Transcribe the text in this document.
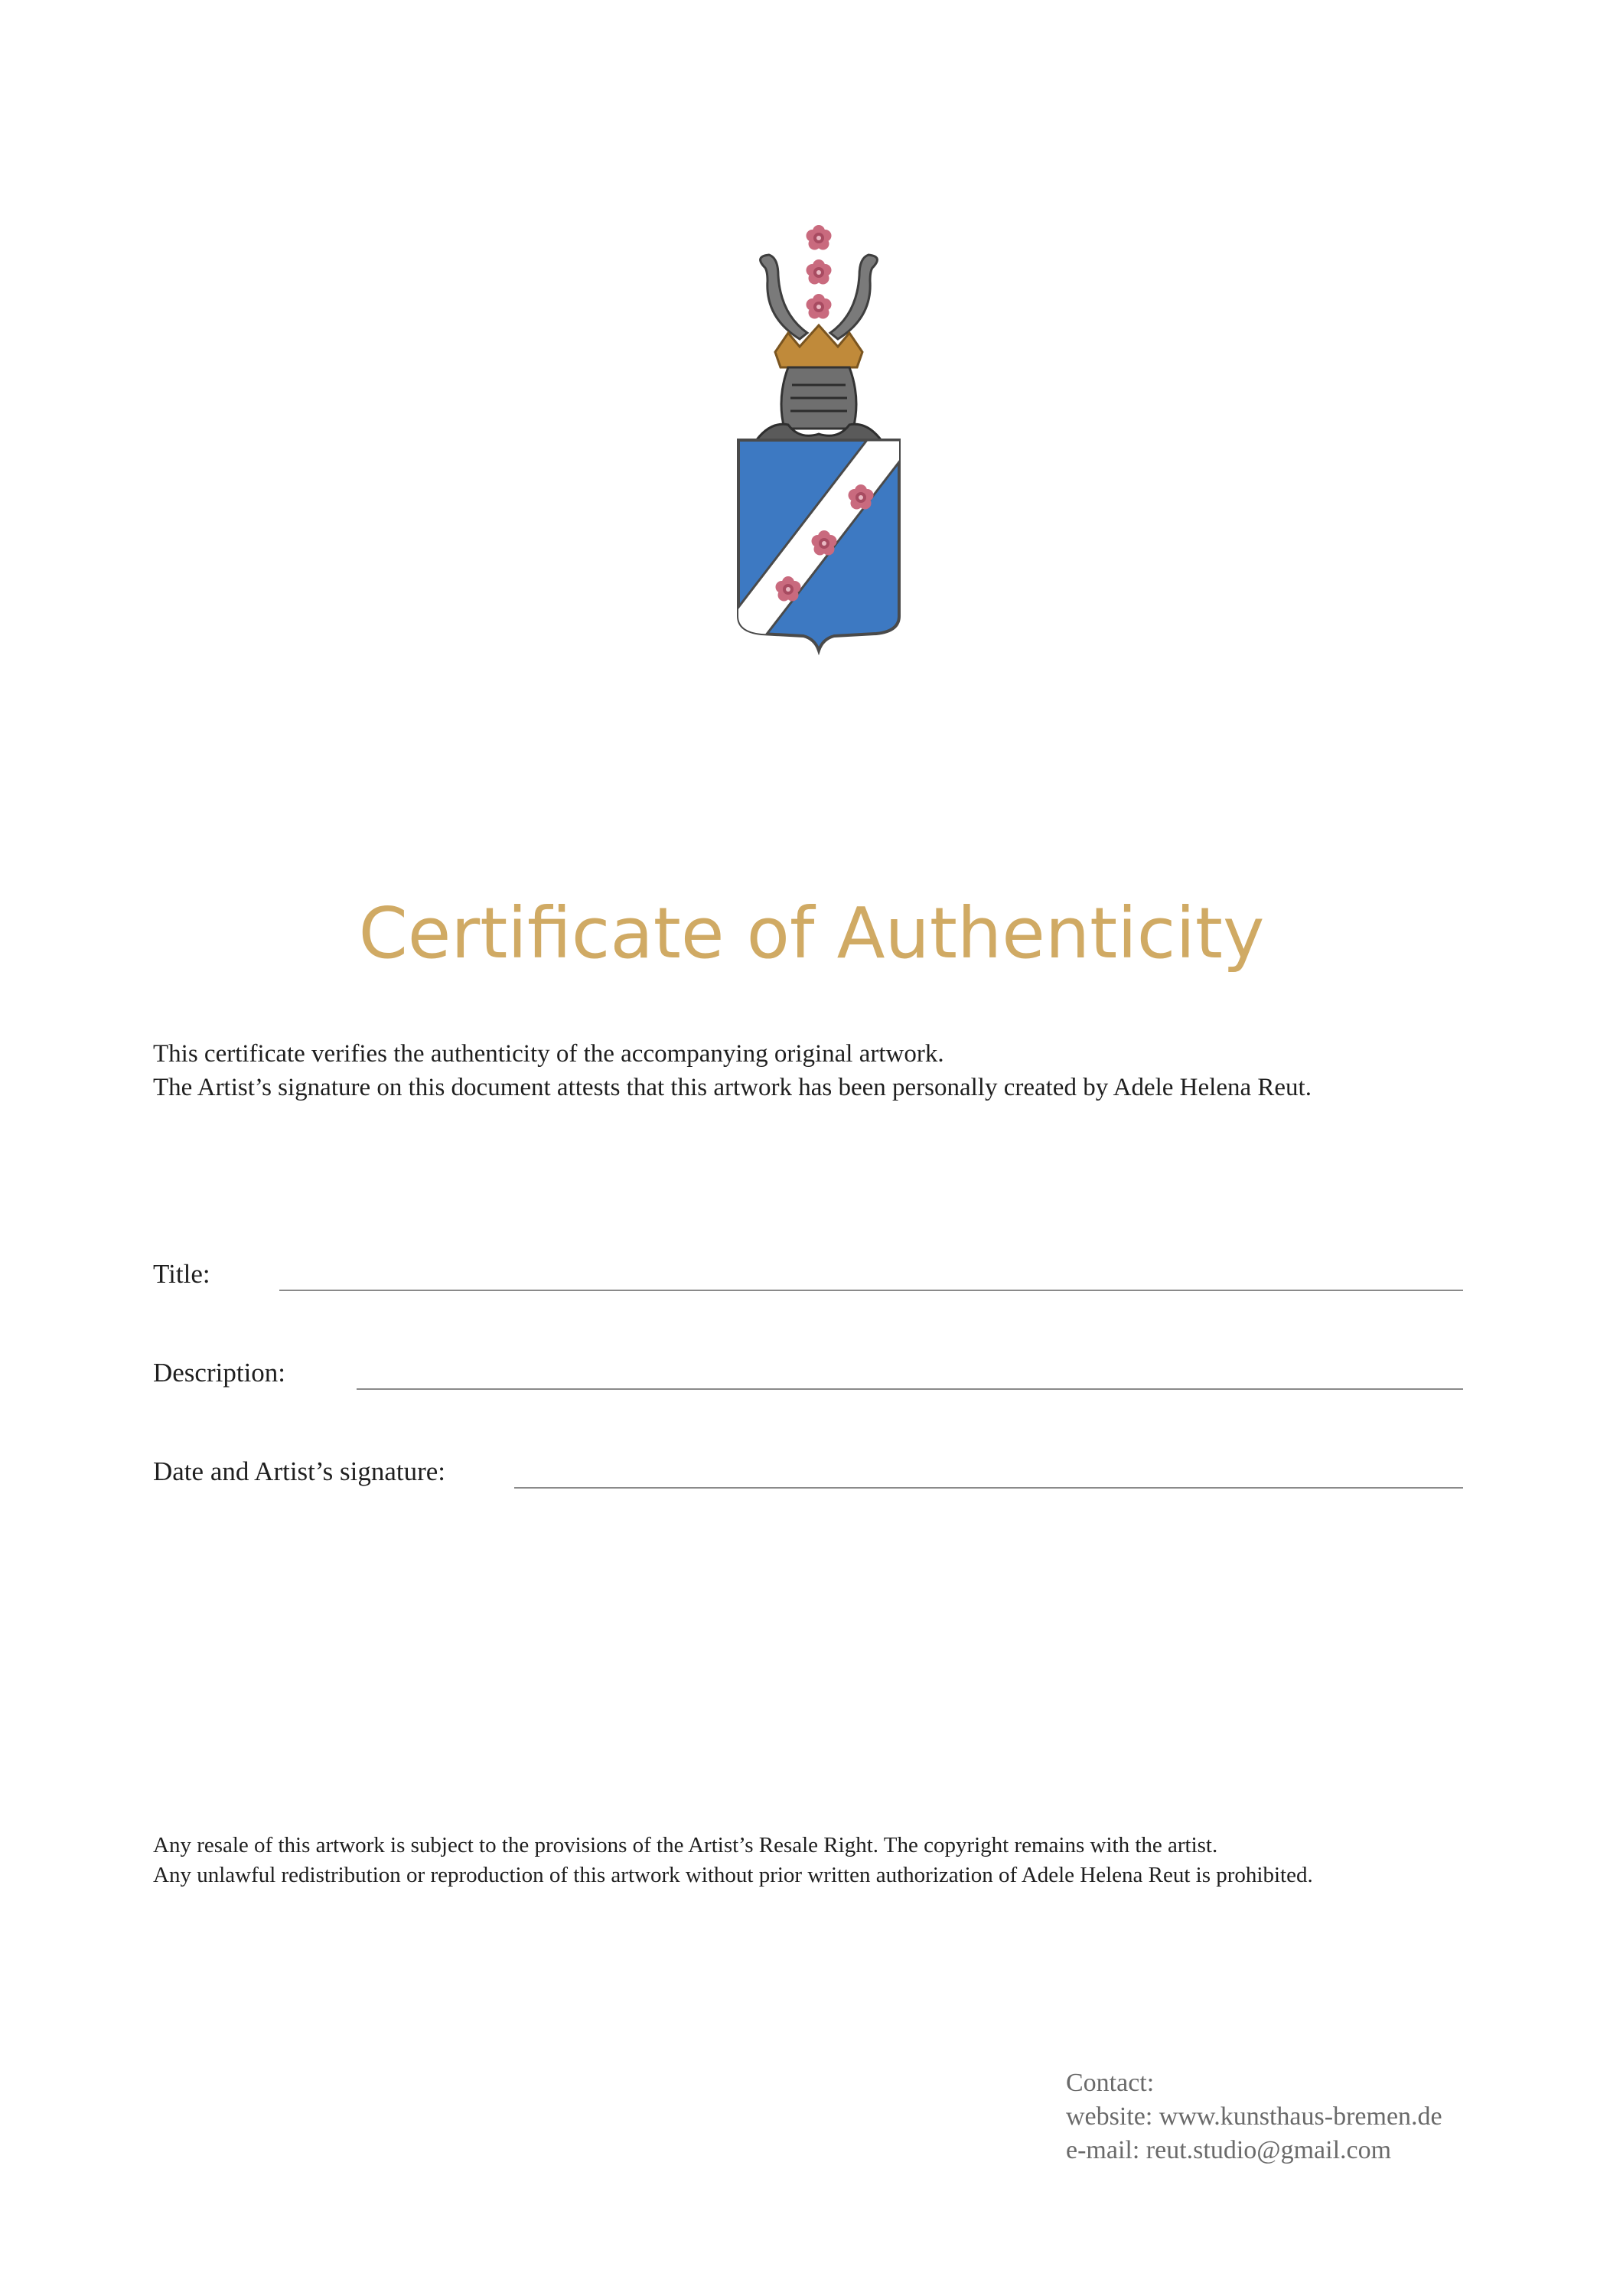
Certificate of Authenticity
This certificate verifies the authenticity of the accompanying original artwork.
The Artist’s signature on this document attests that this artwork has been personally created by Adele Helena Reut.
Title:
Description:
Date and Artist’s signature:
Any resale of this artwork is subject to the provisions of the Artist’s Resale Right. The copyright remains with the artist.
Any unlawful redistribution or reproduction of this artwork without prior written authorization of Adele Helena Reut is prohibited.
Contact:
website: www.kunsthaus-bremen.de
e-mail: reut.studio@gmail.com
